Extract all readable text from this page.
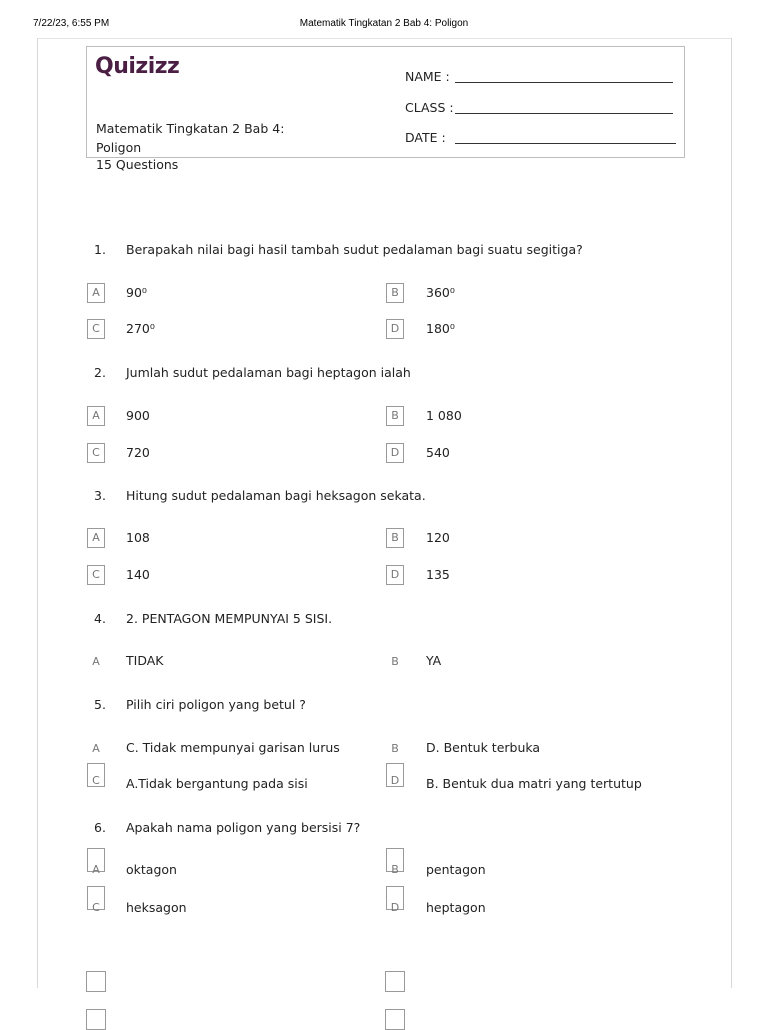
7/22/23, 6:55 PM	Matematik Tingkatan 2 Bab 4: Poligon
Quizizz
Matematik Tingkatan 2 Bab 4: Poligon
15 Questions
NAME :
CLASS :
DATE :
1.	Berapakah nilai bagi hasil tambah sudut pedalaman bagi suatu segitiga?
A	90⁰	B	360⁰
C	270⁰	D	180⁰
2.	Jumlah sudut pedalaman bagi heptagon ialah
A	900	B	1 080
C	720	D	540
3.	Hitung sudut pedalaman bagi heksagon sekata.
A	108	B	120
C	140	D	135
4.	2. PENTAGON MEMPUNYAI 5 SISI.
A	TIDAK	B	YA
5.	Pilih ciri poligon yang betul ?
A	C. Tidak mempunyai garisan lurus	B	D. Bentuk terbuka
C	A.Tidak bergantung pada sisi	D	B. Bentuk dua matri yang tertutup
6.	Apakah nama poligon yang bersisi 7?
A	oktagon	B	pentagon
C	heksagon	D	heptagon
